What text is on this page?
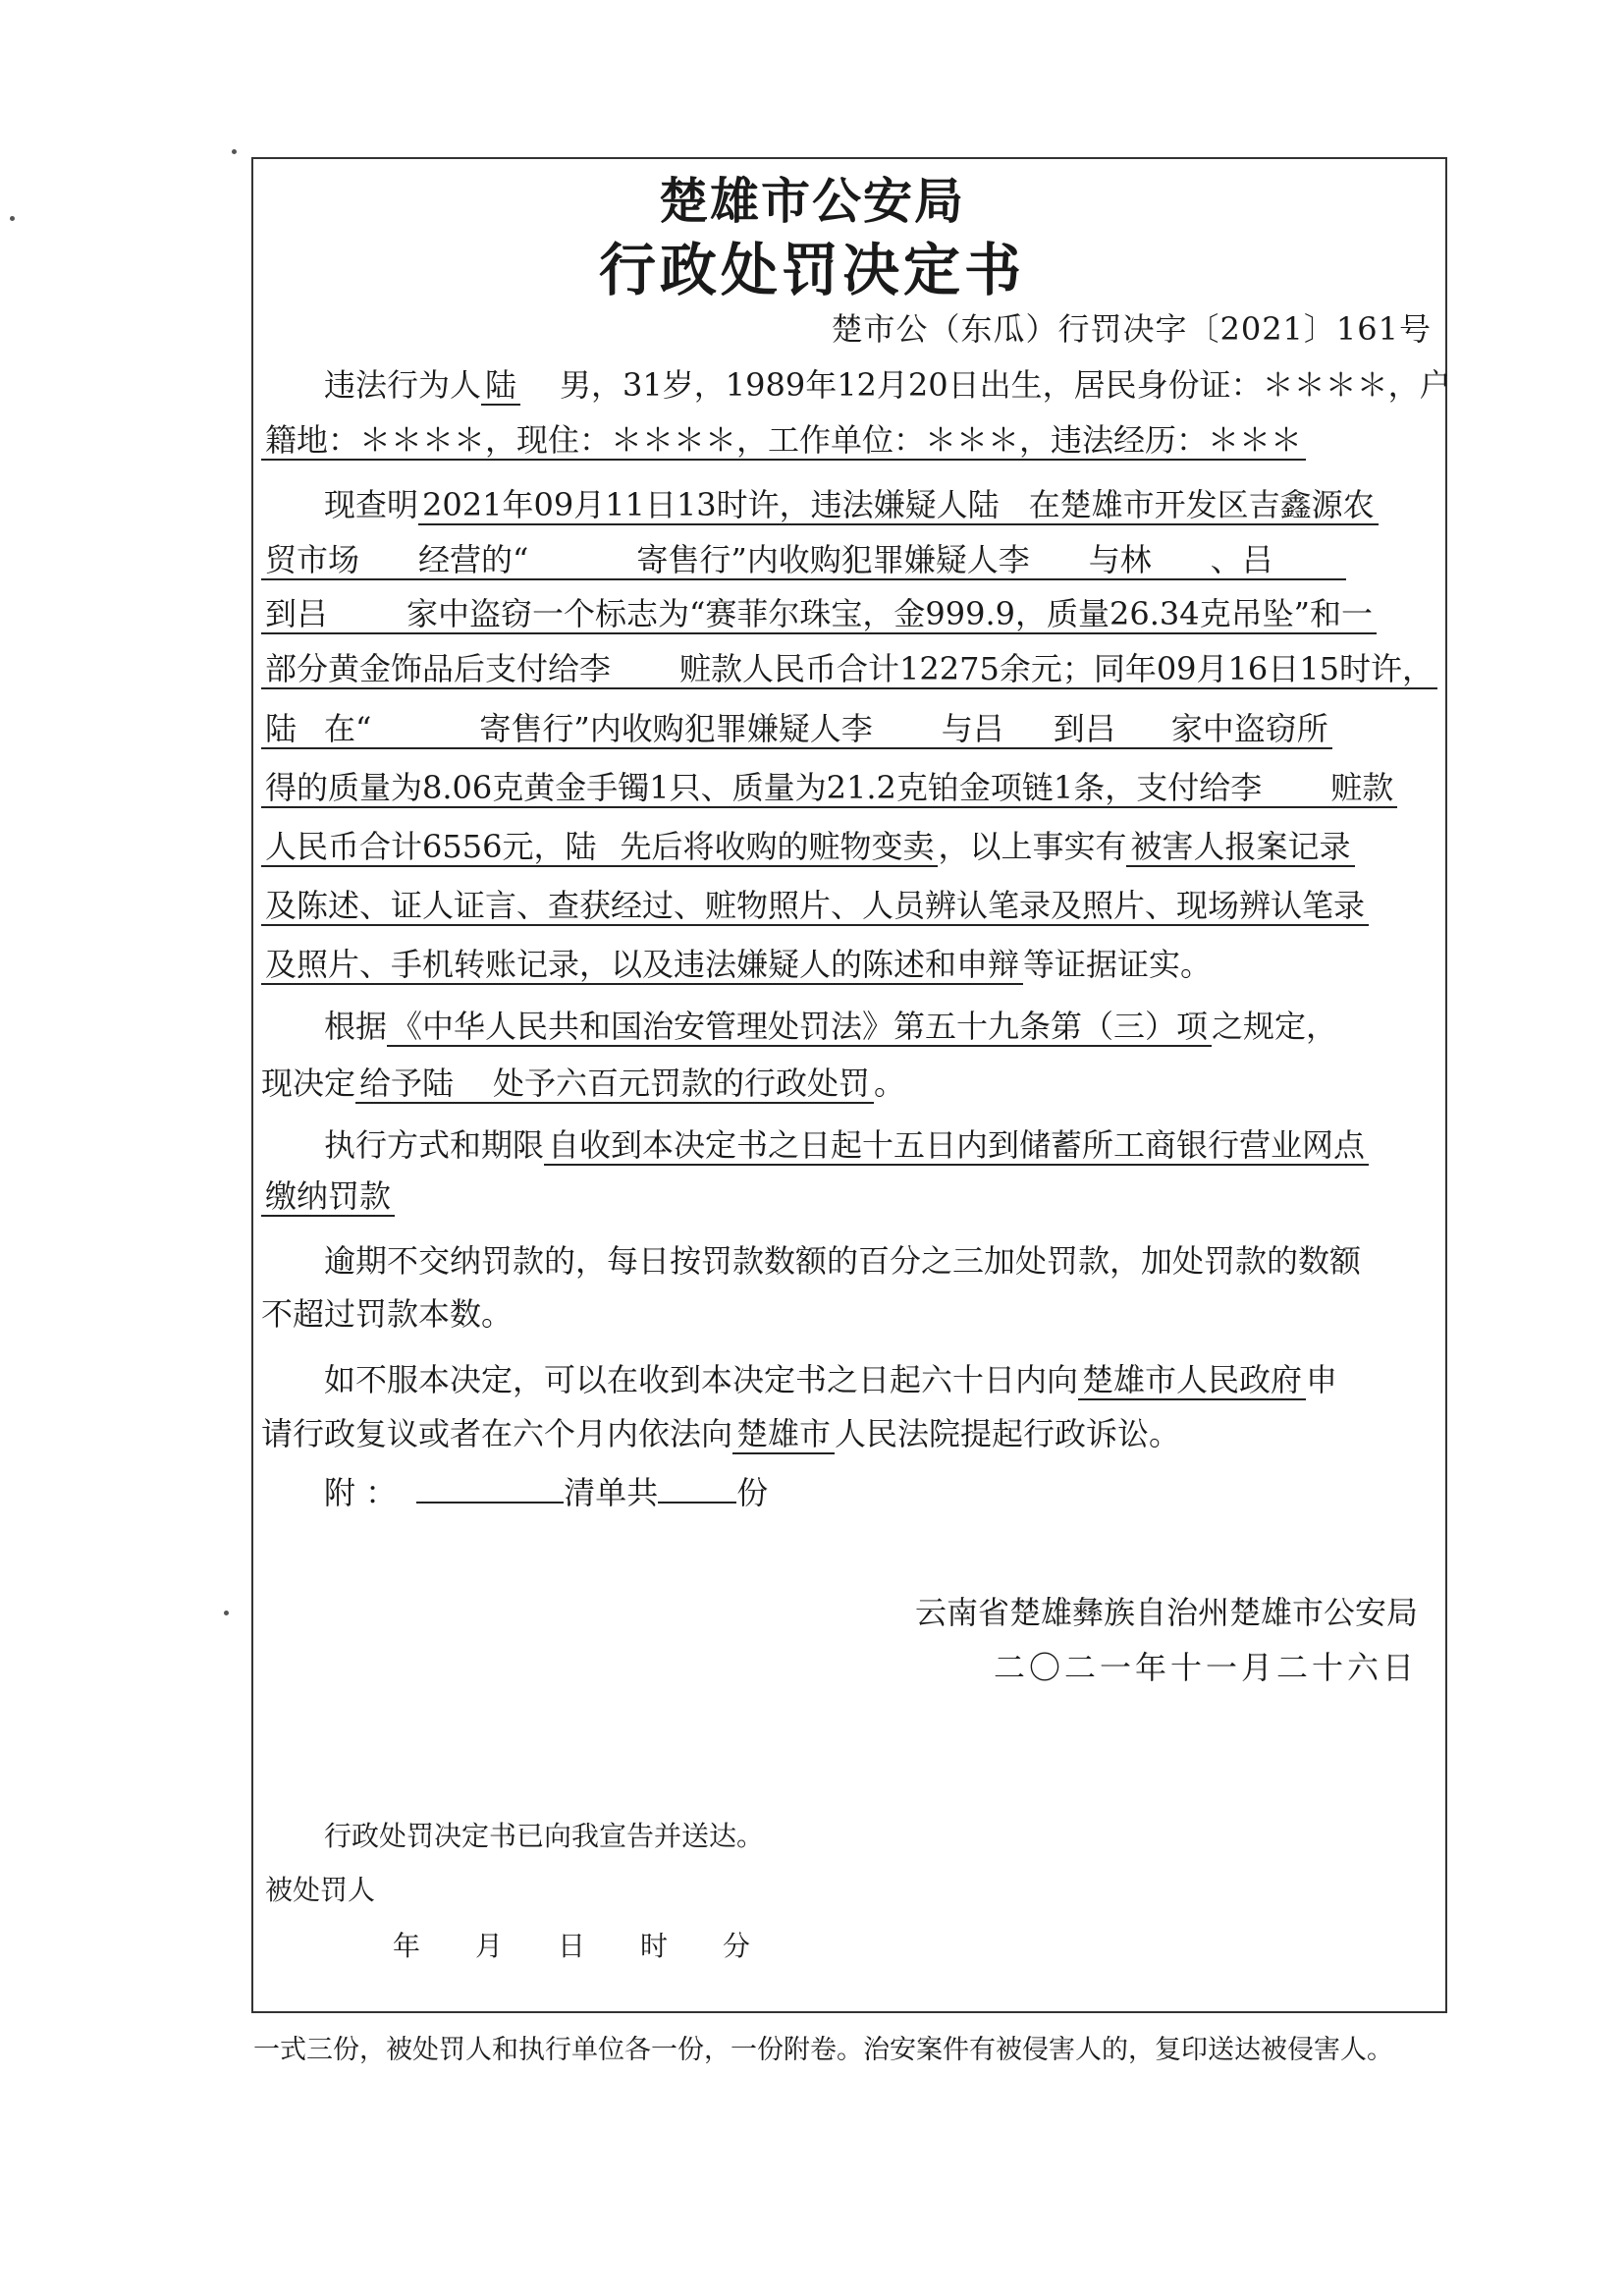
楚雄市公安局
行政处罚决定书
楚市公（东瓜）行罚决字〔2021〕161号
违法行为人 陆 男，31岁，1989年12月20日出生，居民身份证：＊＊＊＊，户
籍地：＊＊＊＊，现住：＊＊＊＊，工作单位：＊＊＊，违法经历：＊＊＊
现查明 2021年09月11日13时许，违法嫌疑人陆 在楚雄市开发区吉鑫源农
贸市场 经营的“	寄售行”内收购犯罪嫌疑人李 与林 、吕
到吕	家中盗窃一个标志为“赛菲尔珠宝，金999.9，质量26.34克吊坠”和一
部分黄金饰品后支付给李 赃款人民币合计12275余元；同年09月16日15时许，
陆 在“	寄售行”内收购犯罪嫌疑人李 与吕 到吕 家中盗窃所
得的质量为8.06克黄金手镯1只、质量为21.2克铂金项链1条，支付给李 赃款
人民币合计6556元，陆 先后将收购的赃物变卖 ，以上事实有 被害人报案记录
及陈述、证人证言、查获经过、赃物照片、人员辨认笔录及照片、现场辨认笔录
及照片、手机转账记录，以及违法嫌疑人的陈述和申辩 等证据证实。
根据 《中华人民共和国治安管理处罚法》第五十九条第（三）项 之规定，
现决定 给予陆 处予六百元罚款的行政处罚 。
执行方式和期限 自收到本决定书之日起十五日内到储蓄所工商银行营业网点
缴纳罚款
逾期不交纳罚款的，每日按罚款数额的百分之三加处罚款，加处罚款的数额
不超过罚款本数。
如不服本决定，可以在收到本决定书之日起六十日内向 楚雄市人民政府 申
请行政复议或者在六个月内依法向 楚雄市 人民法院提起行政诉讼。
附 ：	清单共	份
云南省楚雄彝族自治州楚雄市公安局
二〇二一年十一月二十六日
行政处罚决定书已向我宣告并送达。
被处罚人
年　　月　　日　　时　　分
一式三份，被处罚人和执行单位各一份，一份附卷。治安案件有被侵害人的，复印送达被侵害人。
